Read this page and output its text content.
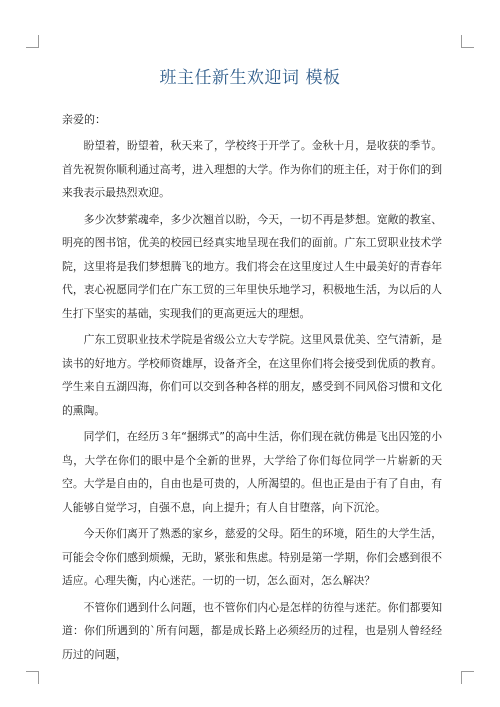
班主任新生欢迎词 模板

亲爱的：

盼望着，盼望着，秋天来了，学校终于开学了。金秋十月，是收获的季节。首先祝贺你顺利通过高考，进入理想的大学。作为你们的班主任，对于你们的到来我表示最热烈欢迎。

多少次梦萦魂牵，多少次翘首以盼，今天，一切不再是梦想。宽敞的教室、明亮的图书馆，优美的校园已经真实地呈现在我们的面前。广东工贸职业技术学院，这里将是我们梦想腾飞的地方。我们将会在这里度过人生中最美好的青春年代，衷心祝愿同学们在广东工贸的三年里快乐地学习，积极地生活，为以后的人生打下坚实的基础，实现我们的更高更远大的理想。

广东工贸职业技术学院是省级公立大专学院。这里风景优美、空气清新，是读书的好地方。学校师资雄厚，设备齐全，在这里你们将会接受到优质的教育。学生来自五湖四海，你们可以交到各种各样的朋友，感受到不同风俗习惯和文化的熏陶。

同学们，在经历３年“捆绑式”的高中生活，你们现在就仿佛是飞出囚笼的小鸟，大学在你们的眼中是个全新的世界，大学给了你们每位同学一片崭新的天空。大学是自由的，自由也是可贵的，人所渴望的。但也正是由于有了自由，有人能够自觉学习，自强不息，向上提升；有人自甘堕落，向下沉沦。

今天你们离开了熟悉的家乡，慈爱的父母。陌生的环境，陌生的大学生活，可能会令你们感到烦燥，无助，紧张和焦虑。特别是第一学期，你们会感到很不适应。心理失衡，内心迷茫。一切的一切，怎么面对，怎么解决？

不管你们遇到什么问题，也不管你们内心是怎样的彷徨与迷茫。你们都要知道：你们所遇到的`所有问题，都是成长路上必须经历的过程，也是别人曾经经历过的问题，
